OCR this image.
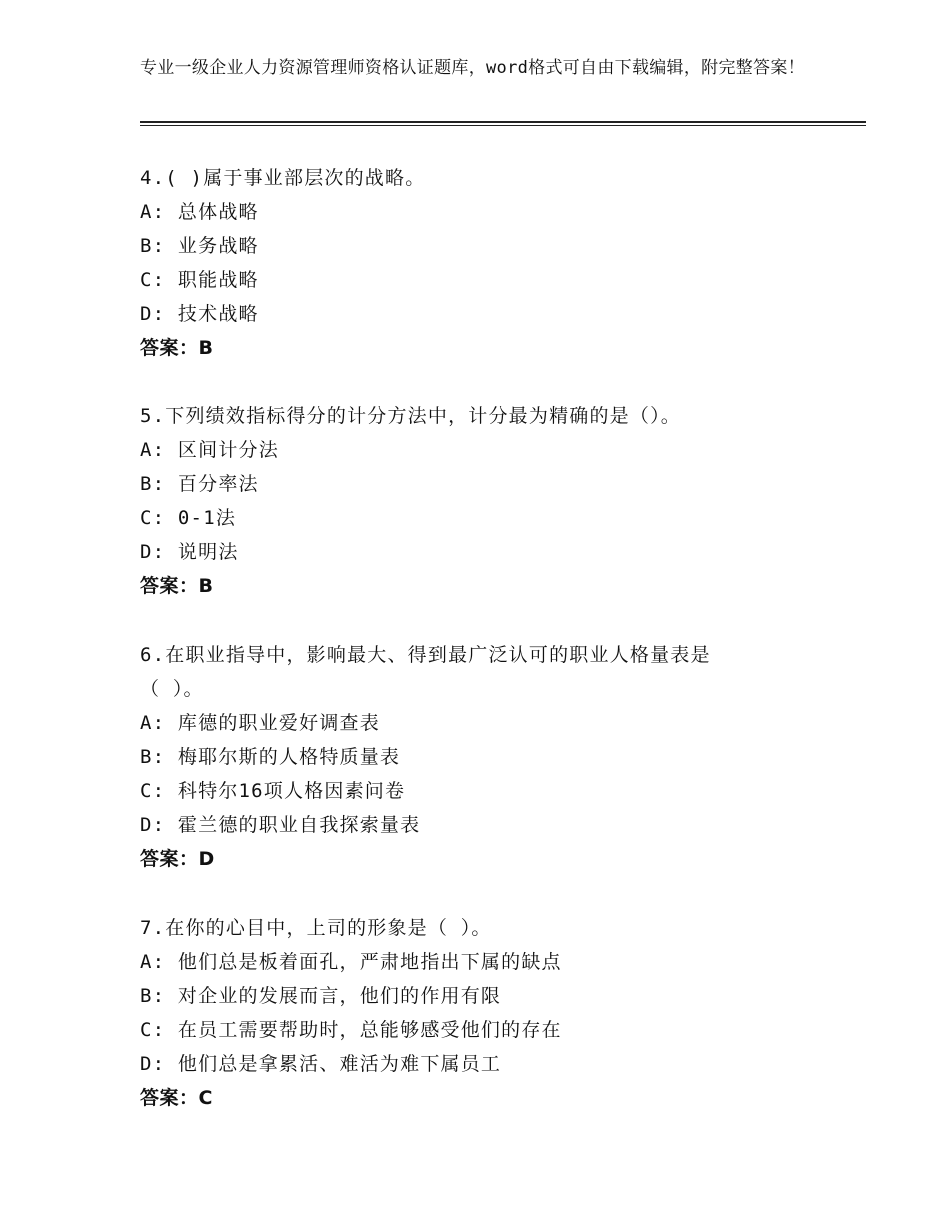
专业一级企业人力资源管理师资格认证题库，word格式可自由下载编辑，附完整答案！
4.( )属于事业部层次的战略。
A: 总体战略
B: 业务战略
C: 职能战略
D: 技术战略
答案：B
5.下列绩效指标得分的计分方法中，计分最为精确的是（）。
A: 区间计分法
B: 百分率法
C: 0-1法
D: 说明法
答案：B
6.在职业指导中，影响最大、得到最广泛认可的职业人格量表是
（ ）。
A: 库德的职业爱好调查表
B: 梅耶尔斯的人格特质量表
C: 科特尔16项人格因素问卷
D: 霍兰德的职业自我探索量表
答案：D
7.在你的心目中，上司的形象是（ ）。
A: 他们总是板着面孔，严肃地指出下属的缺点
B: 对企业的发展而言，他们的作用有限
C: 在员工需要帮助时，总能够感受他们的存在
D: 他们总是拿累活、难活为难下属员工
答案：C
